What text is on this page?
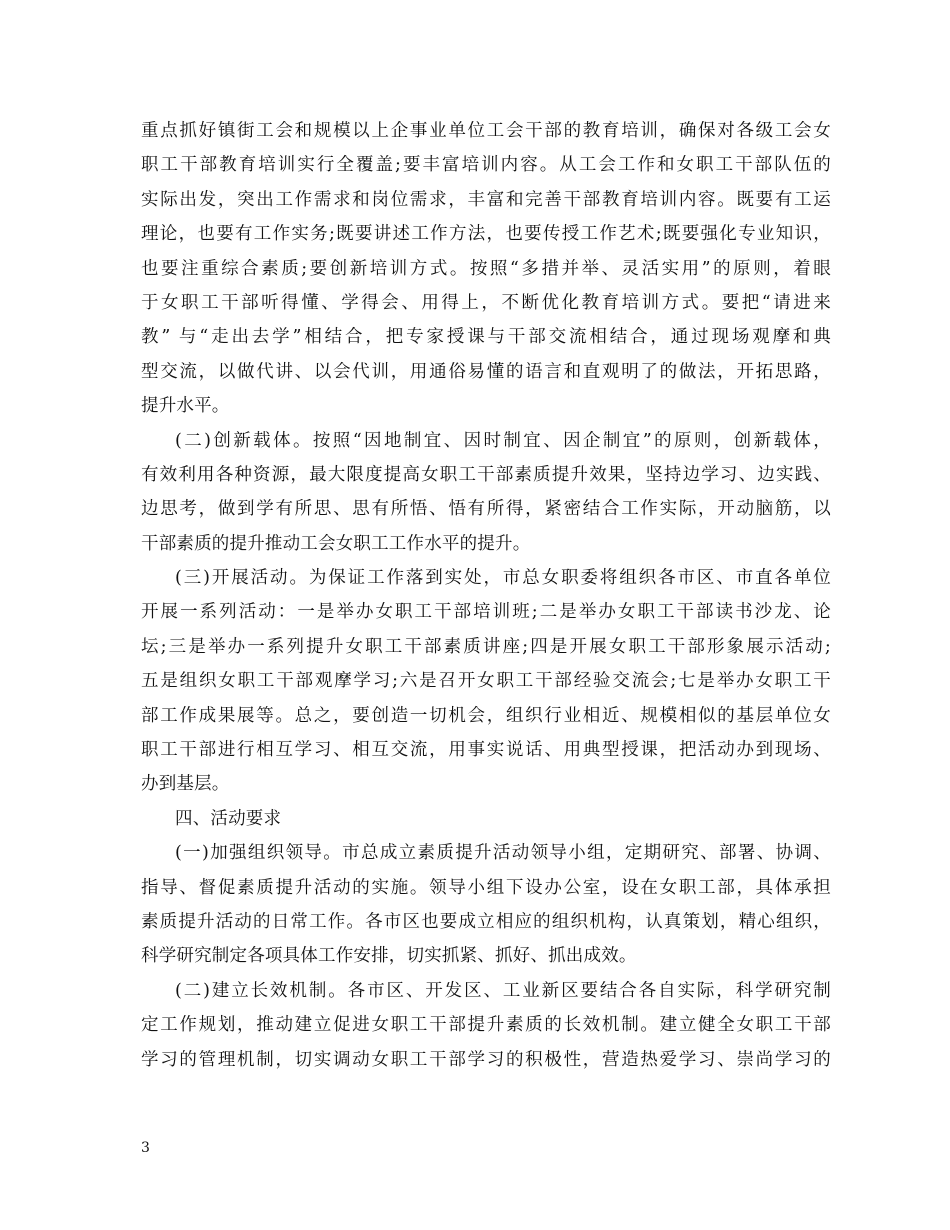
重点抓好镇街工会和规模以上企事业单位工会干部的教育培训，确保对各级工会女
职工干部教育培训实行全覆盖;要丰富培训内容。从工会工作和女职工干部队伍的
实际出发，突出工作需求和岗位需求，丰富和完善干部教育培训内容。既要有工运
理论，也要有工作实务;既要讲述工作方法，也要传授工作艺术;既要强化专业知识，
也要注重综合素质;要创新培训方式。按照“多措并举、灵活实用”的原则，着眼
于女职工干部听得懂、学得会、用得上，不断优化教育培训方式。要把“请进来
教” 与“走出去学”相结合，把专家授课与干部交流相结合，通过现场观摩和典
型交流，以做代讲、以会代训，用通俗易懂的语言和直观明了的做法，开拓思路，
提升水平。
(二)创新载体。按照“因地制宜、因时制宜、因企制宜”的原则，创新载体，
有效利用各种资源，最大限度提高女职工干部素质提升效果，坚持边学习、边实践、
边思考，做到学有所思、思有所悟、悟有所得，紧密结合工作实际，开动脑筋，以
干部素质的提升推动工会女职工工作水平的提升。
(三)开展活动。为保证工作落到实处，市总女职委将组织各市区、市直各单位
开展一系列活动：一是举办女职工干部培训班;二是举办女职工干部读书沙龙、论
坛;三是举办一系列提升女职工干部素质讲座;四是开展女职工干部形象展示活动;
五是组织女职工干部观摩学习;六是召开女职工干部经验交流会;七是举办女职工干
部工作成果展等。总之，要创造一切机会，组织行业相近、规模相似的基层单位女
职工干部进行相互学习、相互交流，用事实说话、用典型授课，把活动办到现场、
办到基层。
四、活动要求
(一)加强组织领导。市总成立素质提升活动领导小组，定期研究、部署、协调、
指导、督促素质提升活动的实施。领导小组下设办公室，设在女职工部，具体承担
素质提升活动的日常工作。各市区也要成立相应的组织机构，认真策划，精心组织，
科学研究制定各项具体工作安排，切实抓紧、抓好、抓出成效。
(二)建立长效机制。各市区、开发区、工业新区要结合各自实际，科学研究制
定工作规划，推动建立促进女职工干部提升素质的长效机制。建立健全女职工干部
学习的管理机制，切实调动女职工干部学习的积极性，营造热爱学习、崇尚学习的
3
